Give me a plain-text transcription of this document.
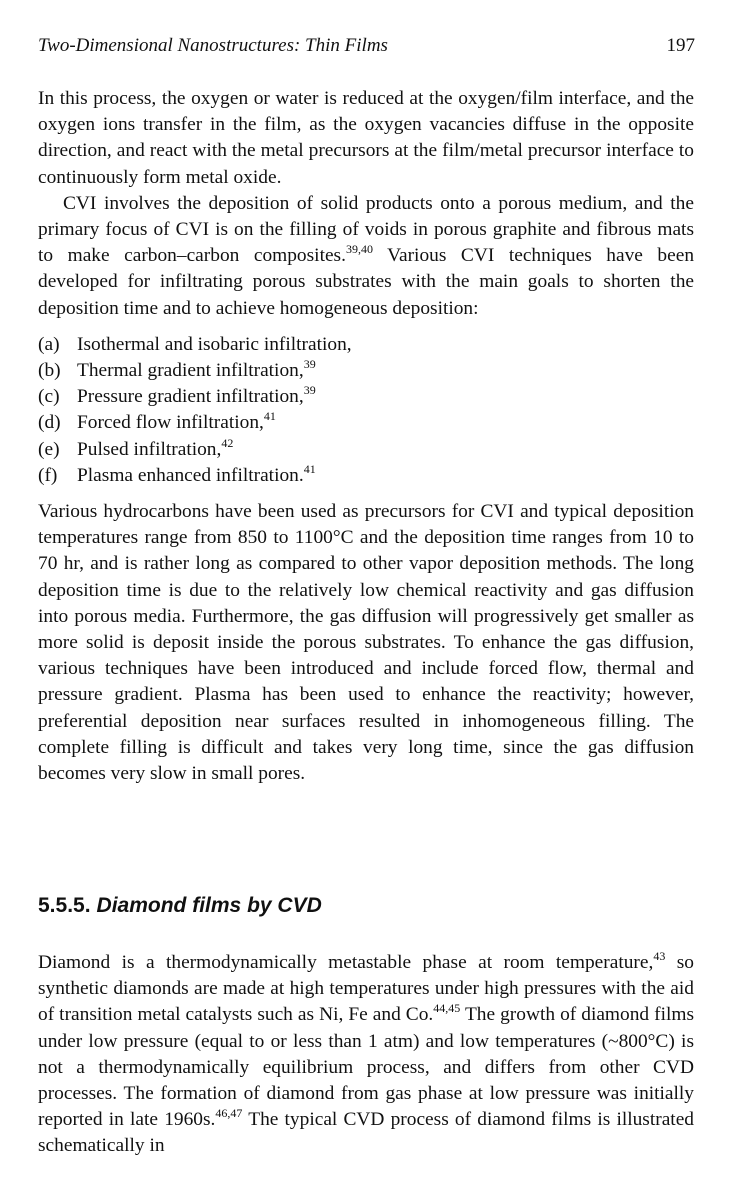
Two-Dimensional Nanostructures: Thin Films	197

In this process, the oxygen or water is reduced at the oxygen/film interface, and the oxygen ions transfer in the film, as the oxygen vacancies diffuse in the opposite direction, and react with the metal precursors at the film/metal precursor interface to continuously form metal oxide.

CVI involves the deposition of solid products onto a porous medium, and the primary focus of CVI is on the filling of voids in porous graphite and fibrous mats to make carbon–carbon composites.$^{39,40}$ Various CVI techniques have been developed for infiltrating porous substrates with the main goals to shorten the deposition time and to achieve homogeneous deposition:

(a) Isothermal and isobaric infiltration,
(b) Thermal gradient infiltration,$^{39}$
(c) Pressure gradient infiltration,$^{39}$
(d) Forced flow infiltration,$^{41}$
(e) Pulsed infiltration,$^{42}$
(f)	Plasma enhanced infiltration.$^{41}$

Various hydrocarbons have been used as precursors for CVI and typical deposition temperatures range from 850 to 1100°C and the deposition time ranges from 10 to 70 hr, and is rather long as compared to other vapor deposition methods. The long deposition time is due to the relatively low chemical reactivity and gas diffusion into porous media. Furthermore, the gas diffusion will progressively get smaller as more solid is deposit inside the porous substrates. To enhance the gas diffusion, various techniques have been introduced and include forced flow, thermal and pressure gradient. Plasma has been used to enhance the reactivity; however, preferential deposition near surfaces resulted in inhomogeneous filling. The complete filling is difficult and takes very long time, since the gas diffusion becomes very slow in small pores.

5.5.5. Diamond films by CVD

Diamond is a thermodynamically metastable phase at room temperature,$^{43}$ so synthetic diamonds are made at high temperatures under high pressures with the aid of transition metal catalysts such as Ni, Fe and Co.$^{44,45}$ The growth of diamond films under low pressure (equal to or less than 1 atm) and low temperatures (~800°C) is not a thermodynamically equilibrium process, and differs from other CVD processes. The formation of diamond from gas phase at low pressure was initially reported in late 1960s.$^{46,47}$ The typical CVD process of diamond films is illustrated schematically in
